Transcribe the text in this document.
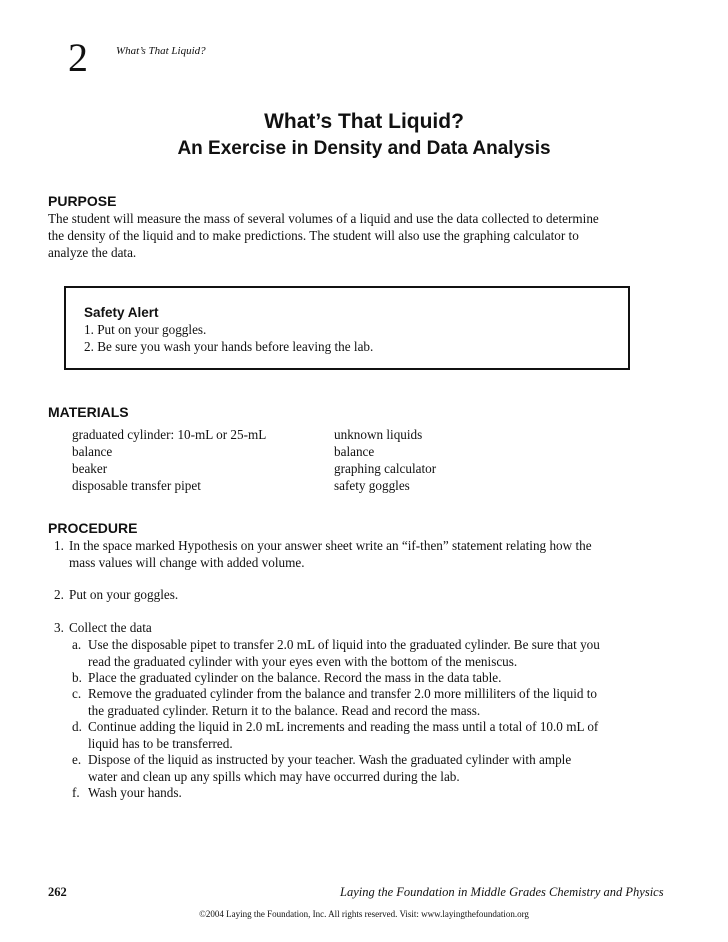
2	What’s That Liquid?
What’s That Liquid?
An Exercise in Density and Data Analysis
PURPOSE
The student will measure the mass of several volumes of a liquid and use the data collected to determine
the density of the liquid and to make predictions. The student will also use the graphing calculator to
analyze the data.
Safety Alert
1. Put on your goggles.
2. Be sure you wash your hands before leaving the lab.
MATERIALS
graduated cylinder: 10-mL or 25-mL
balance
beaker
disposable transfer pipet
unknown liquids
balance
graphing calculator
safety goggles
PROCEDURE
1. In the space marked Hypothesis on your answer sheet write an “if-then” statement relating how the
mass values will change with added volume.
2. Put on your goggles.
3. Collect the data
a. Use the disposable pipet to transfer 2.0 mL of liquid into the graduated cylinder. Be sure that you
read the graduated cylinder with your eyes even with the bottom of the meniscus.
b. Place the graduated cylinder on the balance. Record the mass in the data table.
c. Remove the graduated cylinder from the balance and transfer 2.0 more milliliters of the liquid to
the graduated cylinder. Return it to the balance. Read and record the mass.
d. Continue adding the liquid in 2.0 mL increments and reading the mass until a total of 10.0 mL of
liquid has to be transferred.
e. Dispose of the liquid as instructed by your teacher. Wash the graduated cylinder with ample
water and clean up any spills which may have occurred during the lab.
f. Wash your hands.
262	Laying the Foundation in Middle Grades Chemistry and Physics
©2004 Laying the Foundation, Inc. All rights reserved. Visit: www.layingthefoundation.org
